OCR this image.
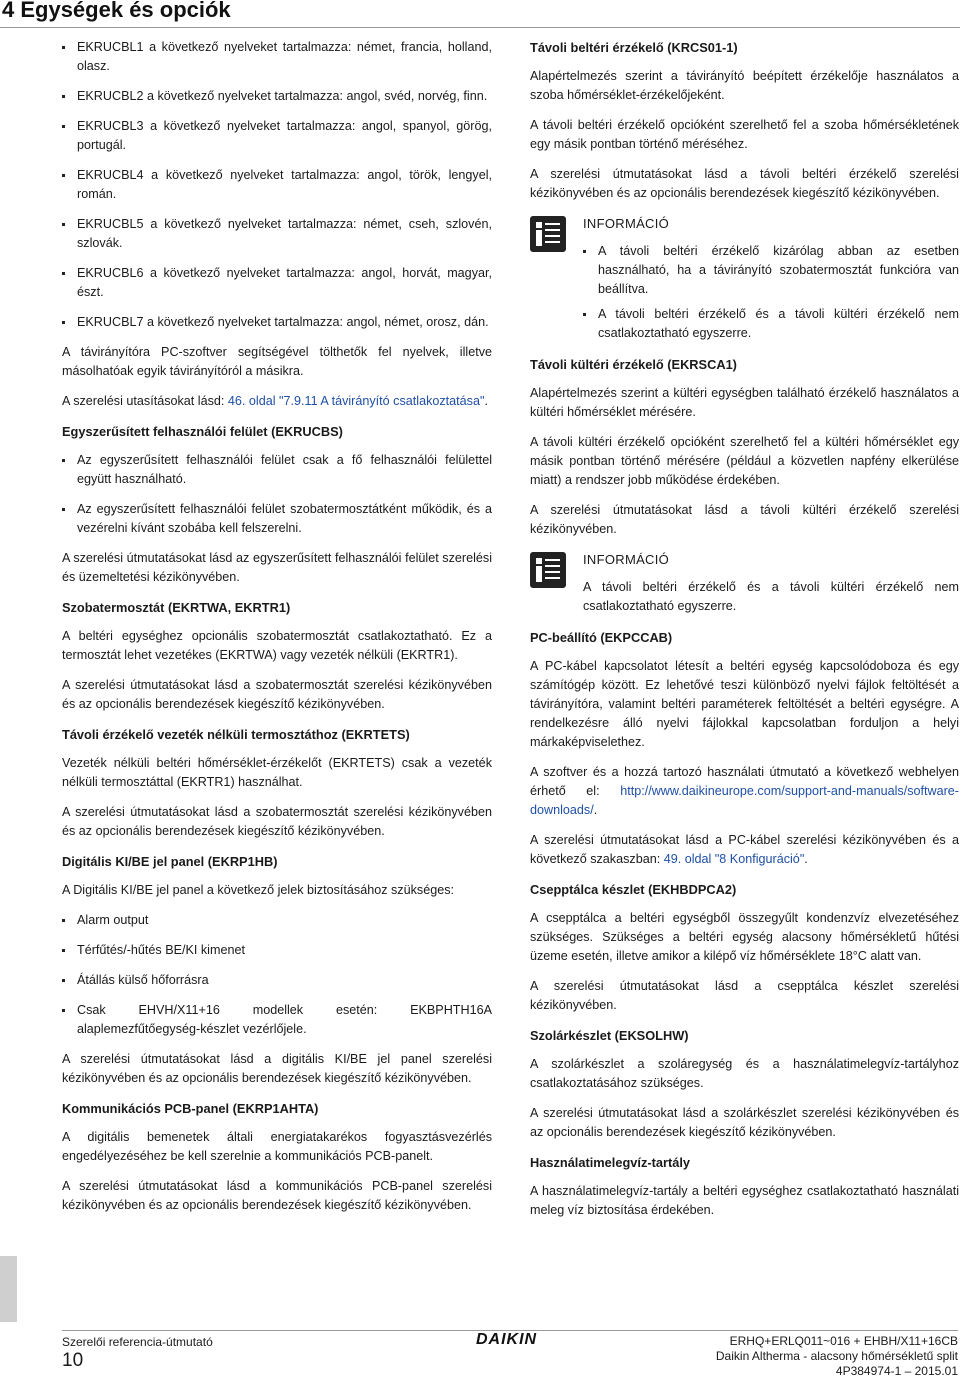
4 Egységek és opciók
EKRUCBL1 a következő nyelveket tartalmazza: német, francia, holland, olasz.
EKRUCBL2 a következő nyelveket tartalmazza: angol, svéd, norvég, finn.
EKRUCBL3 a következő nyelveket tartalmazza: angol, spanyol, görög, portugál.
EKRUCBL4 a következő nyelveket tartalmazza: angol, török, lengyel, román.
EKRUCBL5 a következő nyelveket tartalmazza: német, cseh, szlovén, szlovák.
EKRUCBL6 a következő nyelveket tartalmazza: angol, horvát, magyar, észt.
EKRUCBL7 a következő nyelveket tartalmazza: angol, német, orosz, dán.

A távirányítóra PC-szoftver segítségével tölthetők fel nyelvek, illetve másolhatóak egyik távirányítóról a másikra.

A szerelési utasításokat lásd: 46. oldal "7.9.11 A távirányító csatlakoztatása".

Egyszerűsített felhasználói felület (EKRUCBS)
Az egyszerűsített felhasználói felület csak a fő felhasználói felülettel együtt használható.
Az egyszerűsített felhasználói felület szobatermosztátként működik, és a vezérelni kívánt szobába kell felszerelni.

A szerelési útmutatásokat lásd az egyszerűsített felhasználói felület szerelési és üzemeltetési kézikönyvében.

Szobatermosztát (EKRTWA, EKRTR1)

A beltéri egységhez opcionális szobatermosztát csatlakoztatható. Ez a termosztát lehet vezetékes (EKRTWA) vagy vezeték nélküli (EKRTR1).

A szerelési útmutatásokat lásd a szobatermosztát szerelési kézikönyvében és az opcionális berendezések kiegészítő kézikönyvében.

Távoli érzékelő vezeték nélküli termosztáthoz (EKRTETS)

Vezeték nélküli beltéri hőmérséklet-érzékelőt (EKRTETS) csak a vezeték nélküli termosztáttal (EKRTR1) használhat.

A szerelési útmutatásokat lásd a szobatermosztát szerelési kézikönyvében és az opcionális berendezések kiegészítő kézikönyvében.

Digitális KI/BE jel panel (EKRP1HB)

A Digitális KI/BE jel panel a következő jelek biztosításához szükséges:

Alarm output
Térfűtés/-hűtés BE/KI kimenet
Átállás külső hőforrásra
Csak EHVH/X11+16 modellek esetén: EKBPHTH16A alaplemezfűtőegység-készlet vezérlőjele.

A szerelési útmutatásokat lásd a digitális KI/BE jel panel szerelési kézikönyvében és az opcionális berendezések kiegészítő kézikönyvében.

Kommunikációs PCB-panel (EKRP1AHTA)

A digitális bemenetek általi energiatakarékos fogyasztásvezérlés engedélyezéséhez be kell szerelnie a kommunikációs PCB-panelt.

A szerelési útmutatásokat lásd a kommunikációs PCB-panel szerelési kézikönyvében és az opcionális berendezések kiegészítő kézikönyvében.

Távoli beltéri érzékelő (KRCS01-1)

Alapértelmezés szerint a távirányító beépített érzékelője használatos a szoba hőmérséklet-érzékelőjeként.

A távoli beltéri érzékelő opcióként szerelhető fel a szoba hőmérsékletének egy másik pontban történő méréséhez.

A szerelési útmutatásokat lásd a távoli beltéri érzékelő szerelési kézikönyvében és az opcionális berendezések kiegészítő kézikönyvében.

INFORMÁCIÓ
A távoli beltéri érzékelő kizárólag abban az esetben használható, ha a távirányító szobatermosztát funkcióra van beállítva.
A távoli beltéri érzékelő és a távoli kültéri érzékelő nem csatlakoztatható egyszerre.
Távoli kültéri érzékelő (EKRSCA1)

Alapértelmezés szerint a kültéri egységben található érzékelő használatos a kültéri hőmérséklet mérésére.

A távoli kültéri érzékelő opcióként szerelhető fel a kültéri hőmérséklet egy másik pontban történő mérésére (például a közvetlen napfény elkerülése miatt) a rendszer jobb működése érdekében.

A szerelési útmutatásokat lásd a távoli kültéri érzékelő szerelési kézikönyvében.

INFORMÁCIÓ

A távoli beltéri érzékelő és a távoli kültéri érzékelő nem csatlakoztatható egyszerre.

PC-beállító (EKPCCAB)

A PC-kábel kapcsolatot létesít a beltéri egység kapcsolódoboza és egy számítógép között. Ez lehetővé teszi különböző nyelvi fájlok feltöltését a távirányítóra, valamint beltéri paraméterek feltöltését a beltéri egységre. A rendelkezésre álló nyelvi fájlokkal kapcsolatban forduljon a helyi márkaképviselethez.

A szoftver és a hozzá tartozó használati útmutató a következő webhelyen érhető el: http://www.daikineurope.com/support-and-manuals/software-downloads/.

A szerelési útmutatásokat lásd a PC-kábel szerelési kézikönyvében és a következő szakaszban: 49. oldal "8 Konfiguráció".

Csepptálca készlet (EKHBDPCA2)

A csepptálca a beltéri egységből összegyűlt kondenzvíz elvezetéséhez szükséges. Szükséges a beltéri egység alacsony hőmérsékletű hűtési üzeme esetén, illetve amikor a kilépő víz hőmérséklete 18°C alatt van.

A szerelési útmutatásokat lásd a csepptálca készlet szerelési kézikönyvében.

Szolárkészlet (EKSOLHW)

A szolárkészlet a szoláregység és a használatimelegvíz-tartályhoz csatlakoztatásához szükséges.

A szerelési útmutatásokat lásd a szolárkészlet szerelési kézikönyvében és az opcionális berendezések kiegészítő kézikönyvében.

Használatimelegvíz-tartály

A használatimelegvíz-tartály a beltéri egységhez csatlakoztatható használati meleg víz biztosítása érdekében.

Szerelői referencia-útmutató
10
DAIKIN	ERHQ+ERLQ011~016 + EHBH/X11+16CB
Daikin Altherma - alacsony hőmérsékletű split
4P384974-1 – 2015.01
